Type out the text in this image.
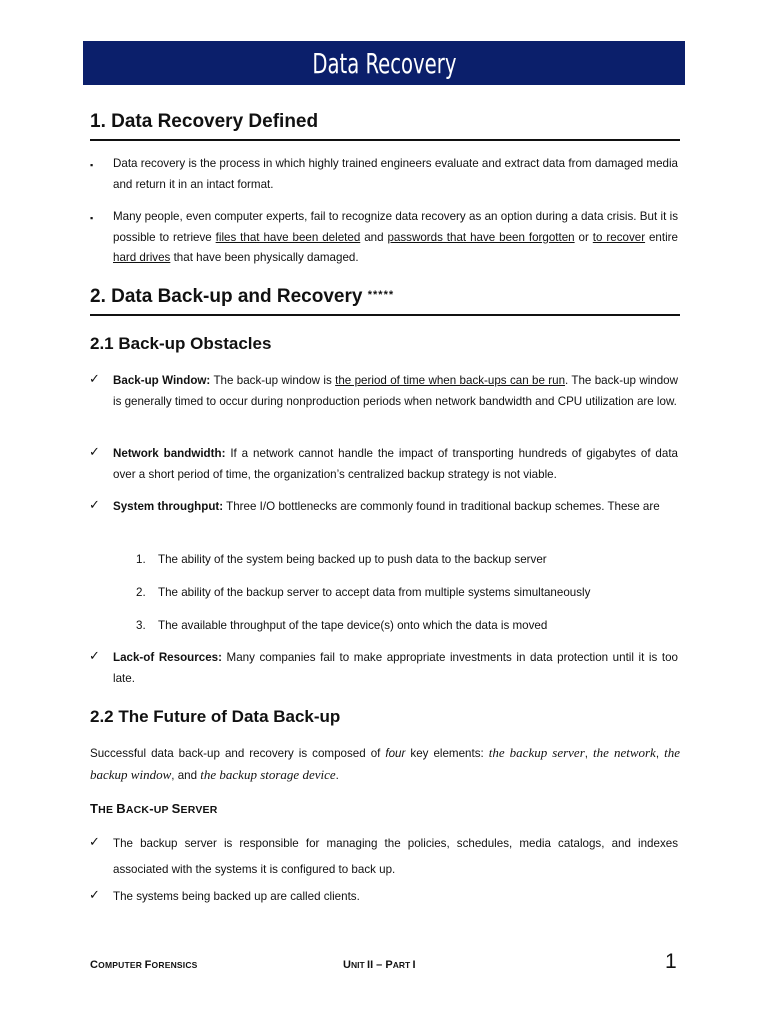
Data Recovery
1. Data Recovery Defined
▪ Data recovery is the process in which highly trained engineers evaluate and extract data from damaged media and return it in an intact format.
▪ Many people, even computer experts, fail to recognize data recovery as an option during a data crisis. But it is possible to retrieve files that have been deleted and passwords that have been forgotten or to recover entire hard drives that have been physically damaged.
2. Data Back-up and Recovery *****
2.1 Back-up Obstacles
✓ Back-up Window: The back-up window is the period of time when back-ups can be run. The back-up window is generally timed to occur during nonproduction periods when network bandwidth and CPU utilization are low.
✓ Network bandwidth: If a network cannot handle the impact of transporting hundreds of gigabytes of data over a short period of time, the organization’s centralized backup strategy is not viable.
✓ System throughput: Three I/O bottlenecks are commonly found in traditional backup schemes. These are
1. The ability of the system being backed up to push data to the backup server
2. The ability of the backup server to accept data from multiple systems simultaneously
3. The available throughput of the tape device(s) onto which the data is moved
✓ Lack-of Resources: Many companies fail to make appropriate investments in data protection until it is too late.
2.2 The Future of Data Back-up
Successful data back-up and recovery is composed of four key elements: the backup server, the network, the backup window, and the backup storage device.
THE BACK-UP SERVER
✓ The backup server is responsible for managing the policies, schedules, media catalogs, and indexes associated with the systems it is configured to back up.
✓ The systems being backed up are called clients.
COMPUTER FORENSICS	UNIT II – PART I	1
